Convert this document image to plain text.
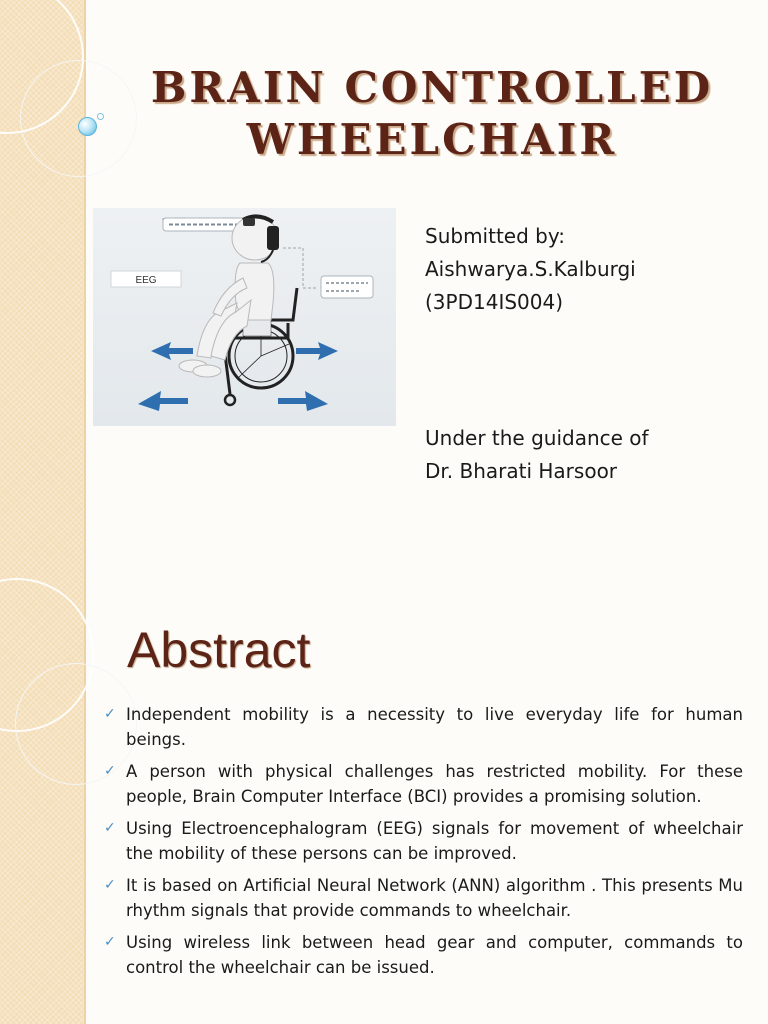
BRAIN CONTROLLED
WHEELCHAIR
EEG
Submitted by:
Aishwarya.S.Kalburgi
(3PD14IS004)
Under the guidance of
Dr. Bharati Harsoor
Abstract
✓ Independent mobility is a necessity to live everyday life for human beings.
✓ A person with physical challenges has restricted mobility. For these people, Brain Computer Interface (BCI) provides a promising solution.
✓ Using Electroencephalogram (EEG) signals for movement of wheelchair the mobility of these persons can be improved.
✓ It is based on Artificial Neural Network (ANN) algorithm . This presents Mu rhythm signals that provide commands to wheelchair.
✓ Using wireless link between head gear and computer, commands to control the wheelchair can be issued.
